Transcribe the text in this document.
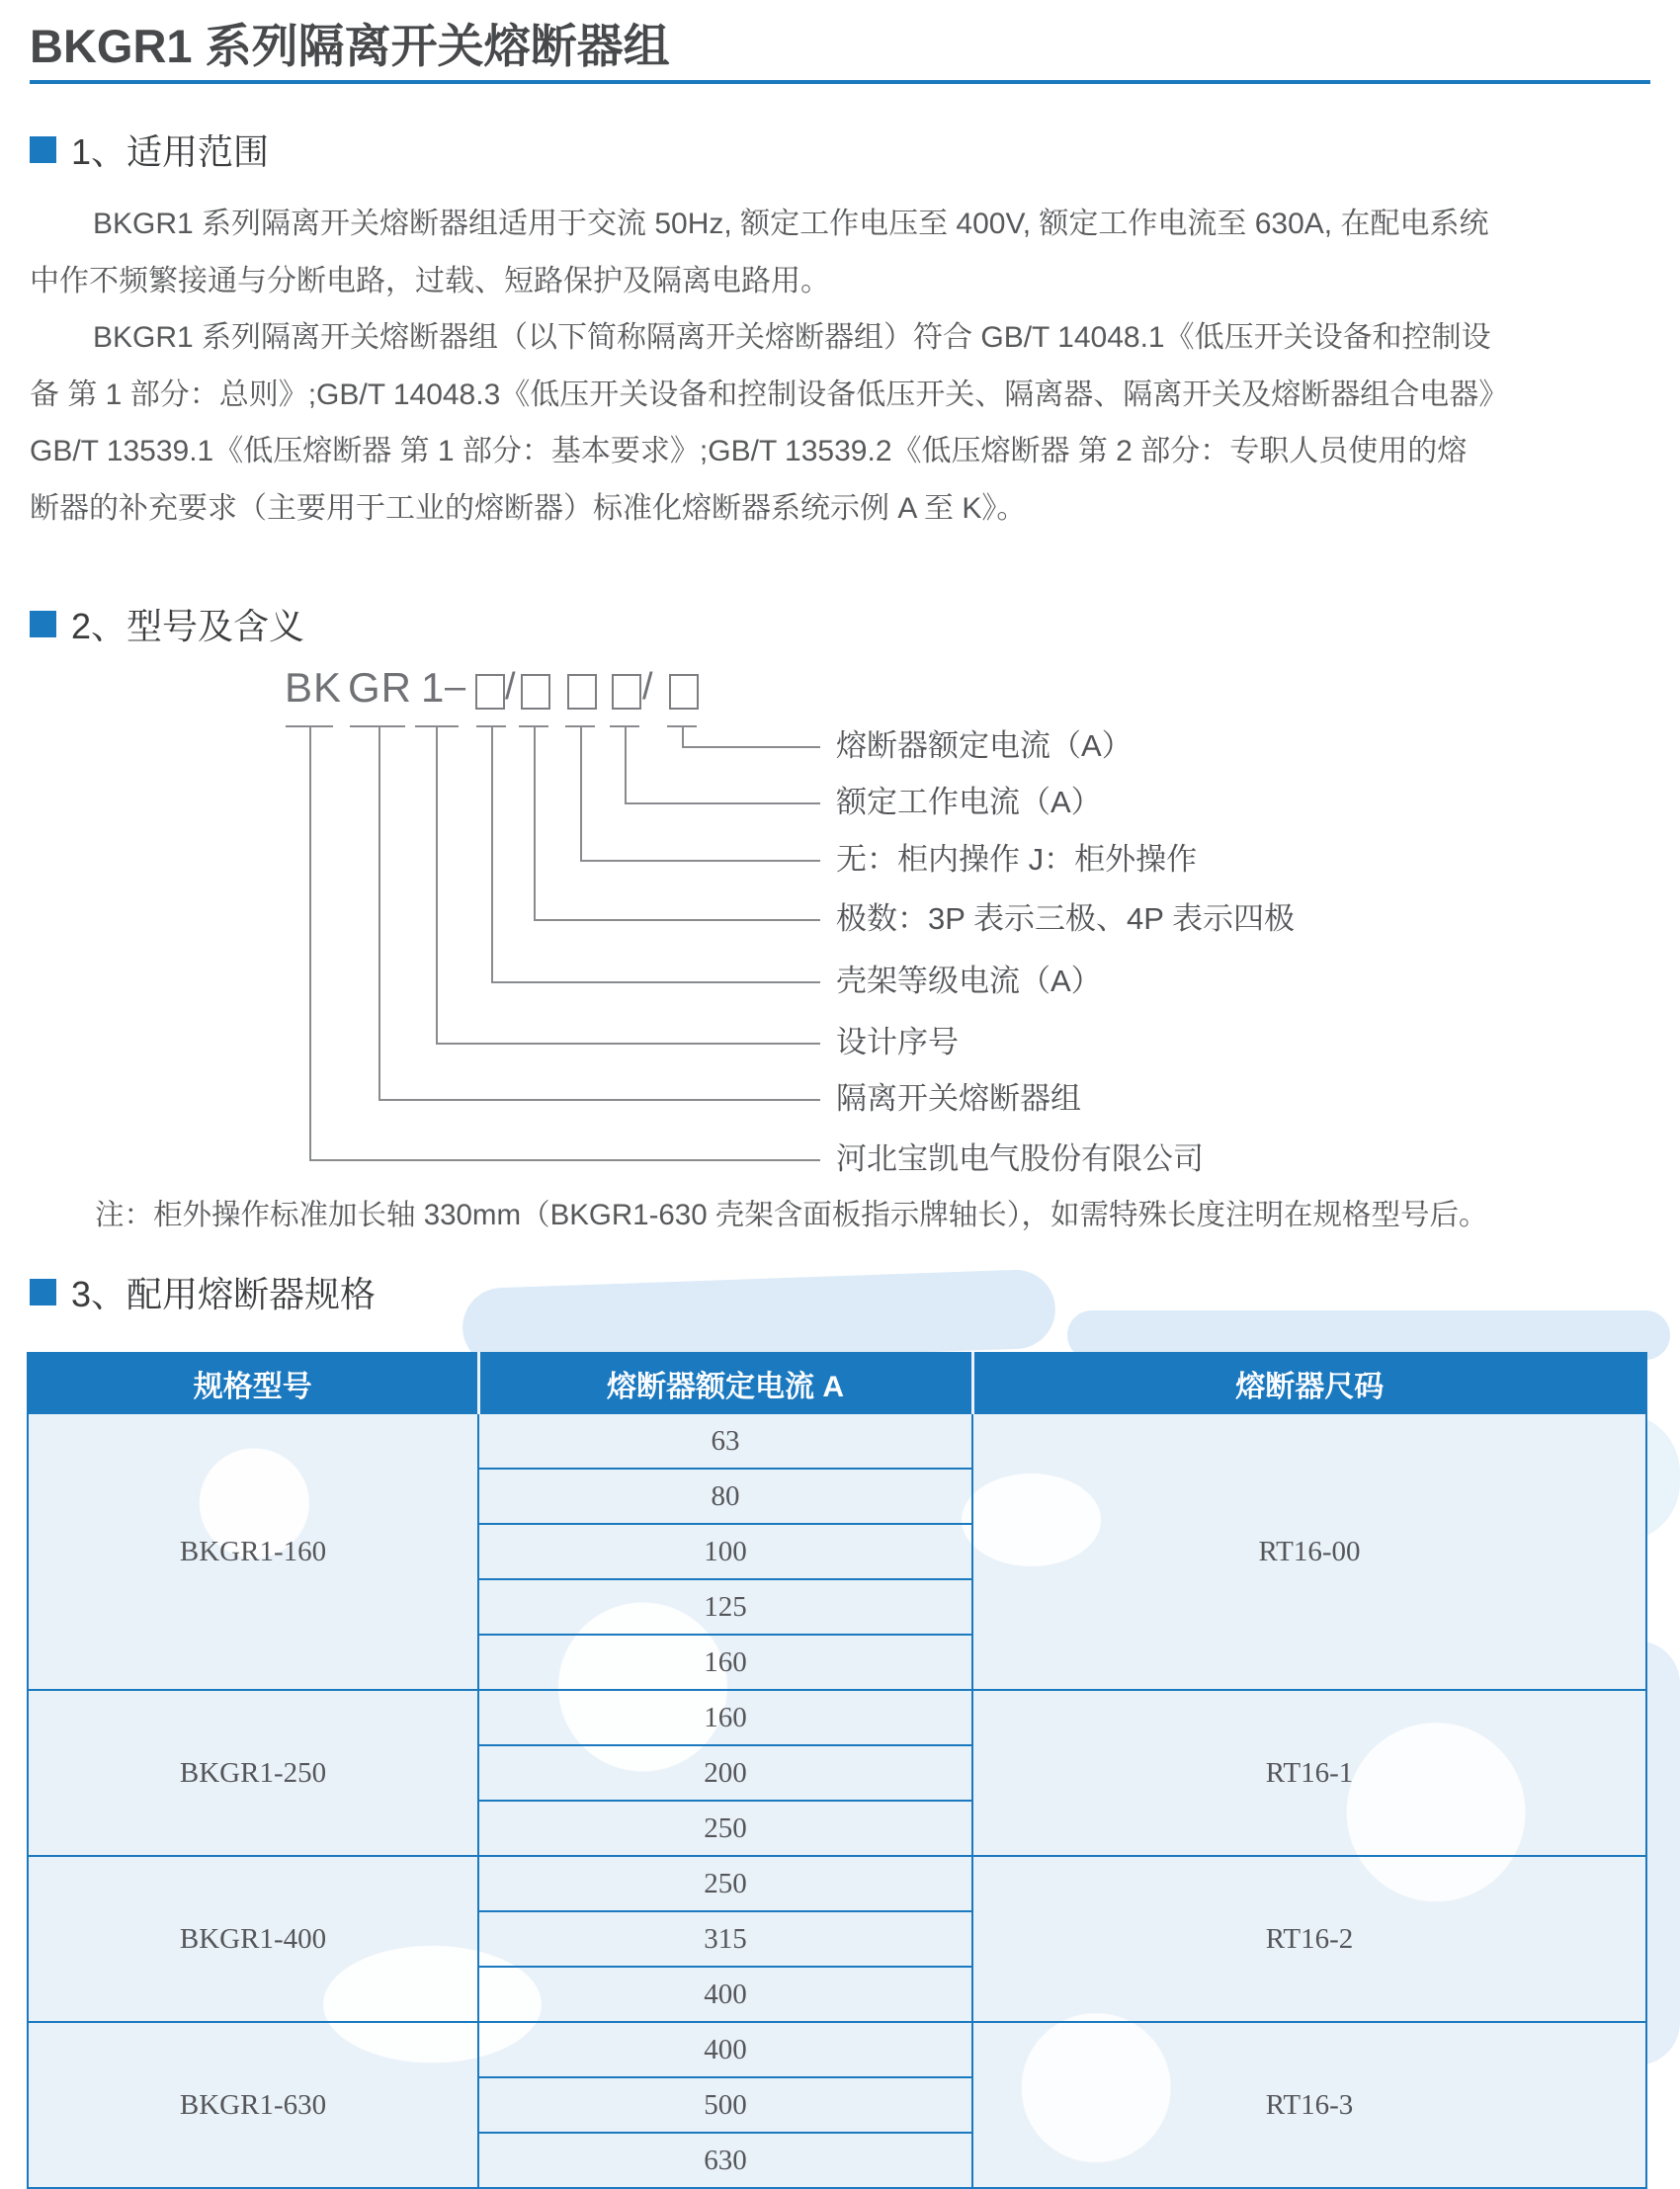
BKGR1 系列隔离开关熔断器组
1、适用范围
BKGR1 系列隔离开关熔断器组适用于交流 50Hz, 额定工作电压至 400V, 额定工作电流至 630A, 在配电系统
中作不频繁接通与分断电路，过载、短路保护及隔离电路用。
BKGR1 系列隔离开关熔断器组（以下简称隔离开关熔断器组）符合 GB/T 14048.1《低压开关设备和控制设
备 第 1 部分：总则》;GB/T 14048.3《低压开关设备和控制设备低压开关、隔离器、隔离开关及熔断器组合电器》
GB/T 13539.1《低压熔断器 第 1 部分：基本要求》;GB/T 13539.2《低压熔断器 第 2 部分：专职人员使用的熔
断器的补充要求（主要用于工业的熔断器）标准化熔断器系统示例 A 至 K》。
2、型号及含义
BK GR 1 – /	/
熔断器额定电流（A）
额定工作电流（A）
无：柜内操作 J：柜外操作
极数：3P 表示三极、4P 表示四极
壳架等级电流（A）
设计序号
隔离开关熔断器组
河北宝凯电气股份有限公司
注：柜外操作标准加长轴 330mm（BKGR1-630 壳架含面板指示牌轴长），如需特殊长度注明在规格型号后。
3、配用熔断器规格
规格型号	熔断器额定电流 A	熔断器尺码
BKGR1-160	63	RT16-00
	80	
	100	
	125	
	160	
BKGR1-250	160	RT16-1
	200	
	250	
BKGR1-400	250	RT16-2
	315	
	400	
BKGR1-630	400	RT16-3
	500	
	630	
